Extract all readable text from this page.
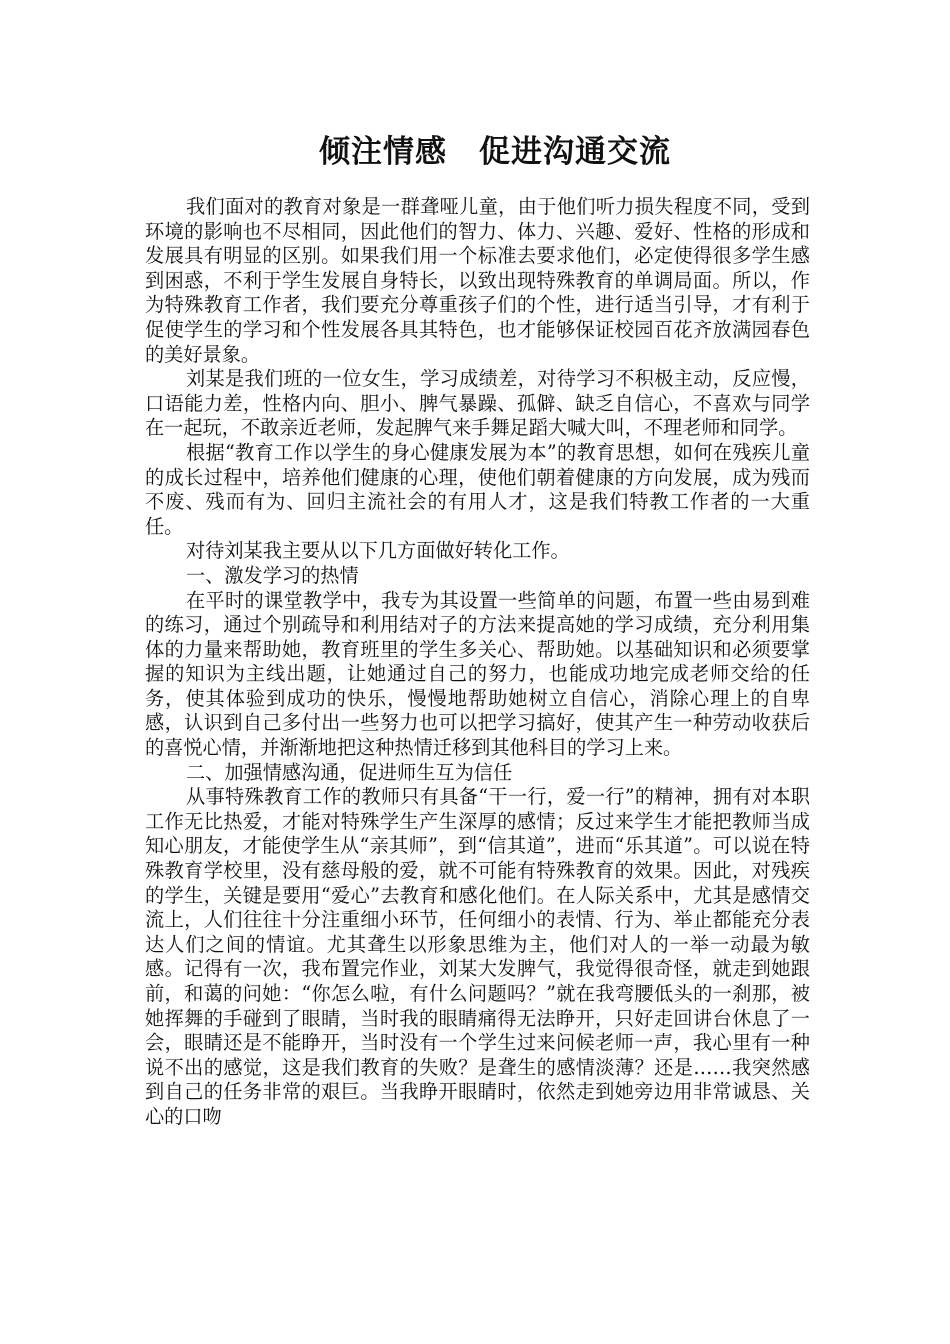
倾注情感　促进沟通交流

我们面对的教育对象是一群聋哑儿童，由于他们听力损失程度不同，受到环境的影响也不尽相同，因此他们的智力、体力、兴趣、爱好、性格的形成和发展具有明显的区别。如果我们用一个标准去要求他们，必定使得很多学生感到困惑，不利于学生发展自身特长，以致出现特殊教育的单调局面。所以，作为特殊教育工作者，我们要充分尊重孩子们的个性，进行适当引导，才有利于促使学生的学习和个性发展各具其特色，也才能够保证校园百花齐放满园春色的美好景象。

刘某是我们班的一位女生，学习成绩差，对待学习不积极主动，反应慢，口语能力差，性格内向、胆小、脾气暴躁、孤僻、缺乏自信心，不喜欢与同学在一起玩，不敢亲近老师，发起脾气来手舞足蹈大喊大叫，不理老师和同学。

根据“教育工作以学生的身心健康发展为本”的教育思想，如何在残疾儿童的成长过程中，培养他们健康的心理，使他们朝着健康的方向发展，成为残而不废、残而有为、回归主流社会的有用人才，这是我们特教工作者的一大重任。

对待刘某我主要从以下几方面做好转化工作。

一、激发学习的热情

在平时的课堂教学中，我专为其设置一些简单的问题，布置一些由易到难的练习，通过个别疏导和利用结对子的方法来提高她的学习成绩，充分利用集体的力量来帮助她，教育班里的学生多关心、帮助她。以基础知识和必须要掌握的知识为主线出题，让她通过自己的努力，也能成功地完成老师交给的任务，使其体验到成功的快乐，慢慢地帮助她树立自信心，消除心理上的自卑感，认识到自己多付出一些努力也可以把学习搞好，使其产生一种劳动收获后的喜悦心情，并渐渐地把这种热情迁移到其他科目的学习上来。

二、加强情感沟通，促进师生互为信任

从事特殊教育工作的教师只有具备“干一行，爱一行”的精神，拥有对本职工作无比热爱，才能对特殊学生产生深厚的感情；反过来学生才能把教师当成知心朋友，才能使学生从“亲其师”，到“信其道”，进而“乐其道”。可以说在特殊教育学校里，没有慈母般的爱，就不可能有特殊教育的效果。因此，对残疾的学生，关键是要用“爱心”去教育和感化他们。在人际关系中，尤其是感情交流上，人们往往十分注重细小环节，任何细小的表情、行为、举止都能充分表达人们之间的情谊。尤其聋生以形象思维为主，他们对人的一举一动最为敏感。记得有一次，我布置完作业，刘某大发脾气，我觉得很奇怪，就走到她跟前，和蔼的问她：“你怎么啦，有什么问题吗？”就在我弯腰低头的一刹那，被她挥舞的手碰到了眼睛，当时我的眼睛痛得无法睁开，只好走回讲台休息了一会，眼睛还是不能睁开，当时没有一个学生过来问候老师一声，我心里有一种说不出的感觉，这是我们教育的失败？是聋生的感情淡薄？还是……我突然感到自己的任务非常的艰巨。当我睁开眼睛时，依然走到她旁边用非常诚恳、关心的口吻
